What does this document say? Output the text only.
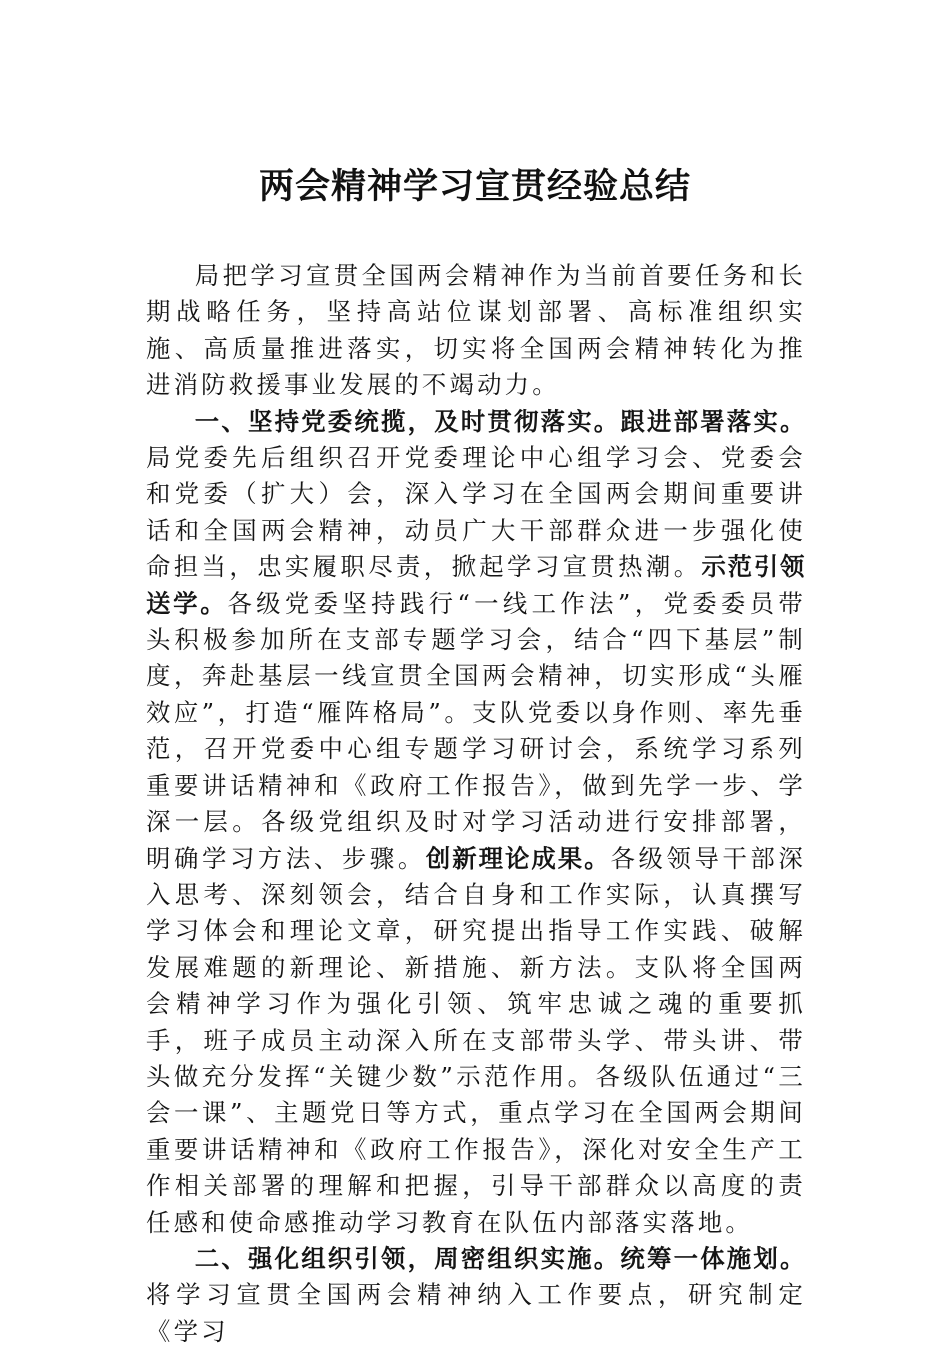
两会精神学习宣贯经验总结

局把学习宣贯全国两会精神作为当前首要任务和长期战略任务，坚持高站位谋划部署、高标准组织实施、高质量推进落实，切实将全国两会精神转化为推进消防救援事业发展的不竭动力。

一、坚持党委统揽，及时贯彻落实。跟进部署落实。局党委先后组织召开党委理论中心组学习会、党委会和党委（扩大）会，深入学习在全国两会期间重要讲话和全国两会精神，动员广大干部群众进一步强化使命担当，忠实履职尽责，掀起学习宣贯热潮。示范引领送学。各级党委坚持践行“一线工作法”，党委委员带头积极参加所在支部专题学习会，结合“四下基层”制度，奔赴基层一线宣贯全国两会精神，切实形成“头雁效应”，打造“雁阵格局”。支队党委以身作则、率先垂范，召开党委中心组专题学习研讨会，系统学习系列重要讲话精神和《政府工作报告》，做到先学一步、学深一层。各级党组织及时对学习活动进行安排部署，明确学习方法、步骤。创新理论成果。各级领导干部深入思考、深刻领会，结合自身和工作实际，认真撰写学习体会和理论文章，研究提出指导工作实践、破解发展难题的新理论、新措施、新方法。支队将全国两会精神学习作为强化引领、筑牢忠诚之魂的重要抓手，班子成员主动深入所在支部带头学、带头讲、带头做充分发挥“关键少数”示范作用。各级队伍通过“三会一课”、主题党日等方式，重点学习在全国两会期间重要讲话精神和《政府工作报告》，深化对安全生产工作相关部署的理解和把握，引导干部群众以高度的责任感和使命感推动学习教育在队伍内部落实落地。

二、强化组织引领，周密组织实施。统筹一体施划。将学习宣贯全国两会精神纳入工作要点，研究制定《学习
